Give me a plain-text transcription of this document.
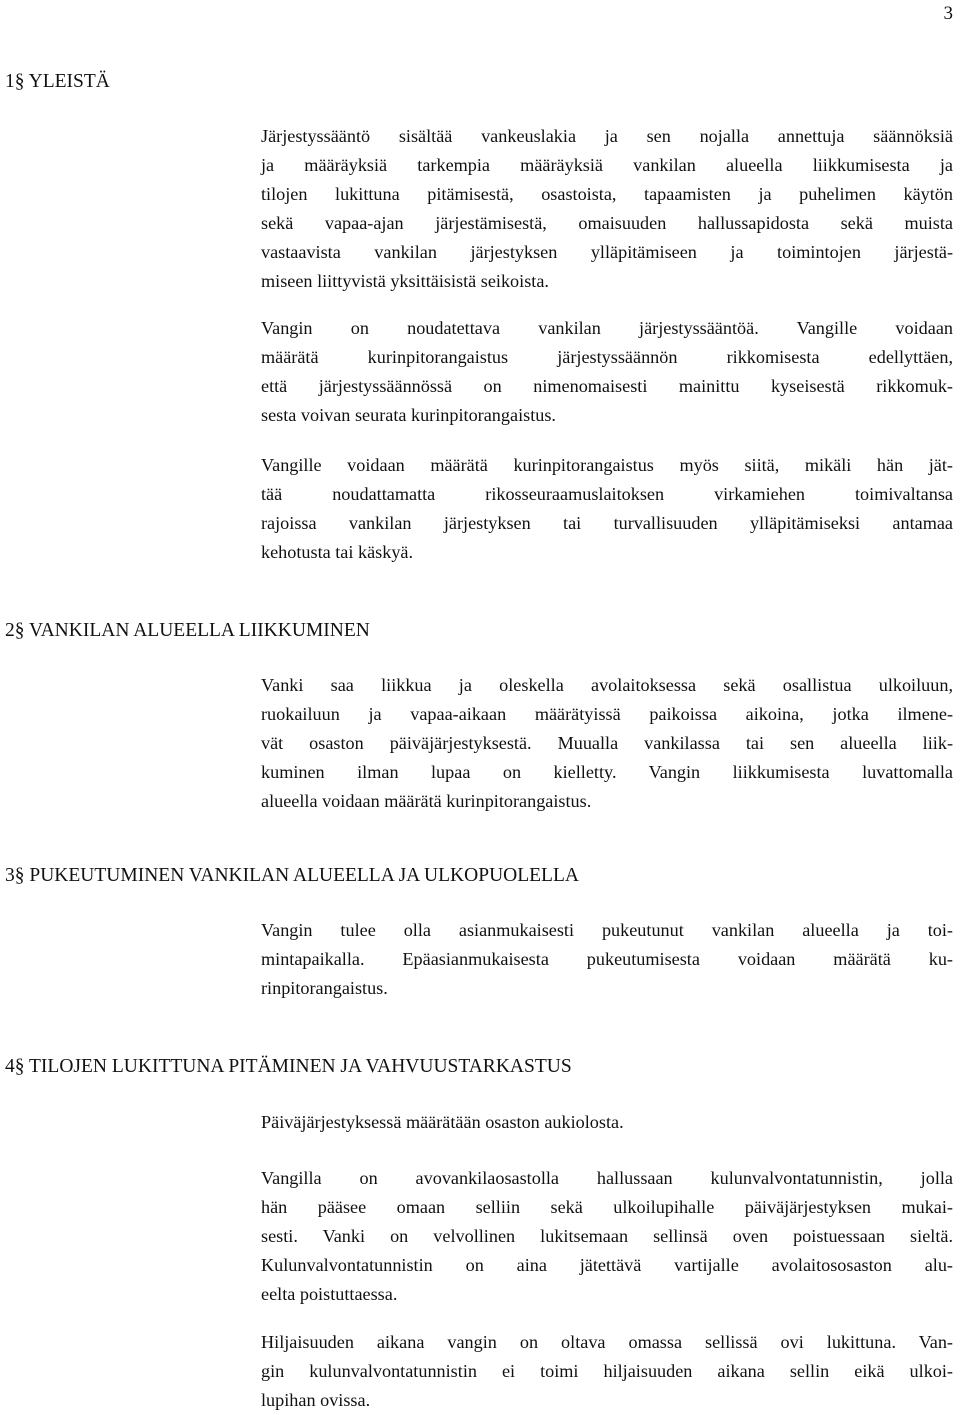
3
1§ YLEISTÄ
Järjestyssääntö sisältää vankeuslakia ja sen nojalla annettuja säännöksiä
ja määräyksiä tarkempia määräyksiä vankilan alueella liikkumisesta ja
tilojen lukittuna pitämisestä, osastoista, tapaamisten ja puhelimen käytön
sekä vapaa-ajan järjestämisestä, omaisuuden hallussapidosta sekä muista
vastaavista vankilan järjestyksen ylläpitämiseen ja toimintojen järjestä-
miseen liittyvistä yksittäisistä seikoista.
Vangin on noudatettava vankilan järjestyssääntöä. Vangille voidaan
määrätä kurinpitorangaistus järjestyssäännön rikkomisesta edellyttäen,
että järjestyssäännössä on nimenomaisesti mainittu kyseisestä rikkomuk-
sesta voivan seurata kurinpitorangaistus.
Vangille voidaan määrätä kurinpitorangaistus myös siitä, mikäli hän jät-
tää noudattamatta rikosseuraamuslaitoksen virkamiehen toimivaltansa
rajoissa vankilan järjestyksen tai turvallisuuden ylläpitämiseksi antamaa
kehotusta tai käskyä.
2§ VANKILAN ALUEELLA LIIKKUMINEN
Vanki saa liikkua ja oleskella avolaitoksessa sekä osallistua ulkoiluun,
ruokailuun ja vapaa-aikaan määrätyissä paikoissa aikoina, jotka ilmene-
vät osaston päiväjärjestyksestä. Muualla vankilassa tai sen alueella liik-
kuminen ilman lupaa on kielletty. Vangin liikkumisesta luvattomalla
alueella voidaan määrätä kurinpitorangaistus.
3§ PUKEUTUMINEN VANKILAN ALUEELLA JA ULKOPUOLELLA
Vangin tulee olla asianmukaisesti pukeutunut vankilan alueella ja toi-
mintapaikalla. Epäasianmukaisesta pukeutumisesta voidaan määrätä ku-
rinpitorangaistus.
4§ TILOJEN LUKITTUNA PITÄMINEN JA VAHVUUSTARKASTUS
Päiväjärjestyksessä määrätään osaston aukiolosta.
Vangilla on avovankilaosastolla hallussaan kulunvalvontatunnistin, jolla
hän pääsee omaan selliin sekä ulkoilupihalle päiväjärjestyksen mukai-
sesti. Vanki on velvollinen lukitsemaan sellinsä oven poistuessaan sieltä.
Kulunvalvontatunnistin on aina jätettävä vartijalle avolaitososaston alu-
eelta poistuttaessa.
Hiljaisuuden aikana vangin on oltava omassa sellissä ovi lukittuna. Van-
gin kulunvalvontatunnistin ei toimi hiljaisuuden aikana sellin eikä ulkoi-
lupihan ovissa.
